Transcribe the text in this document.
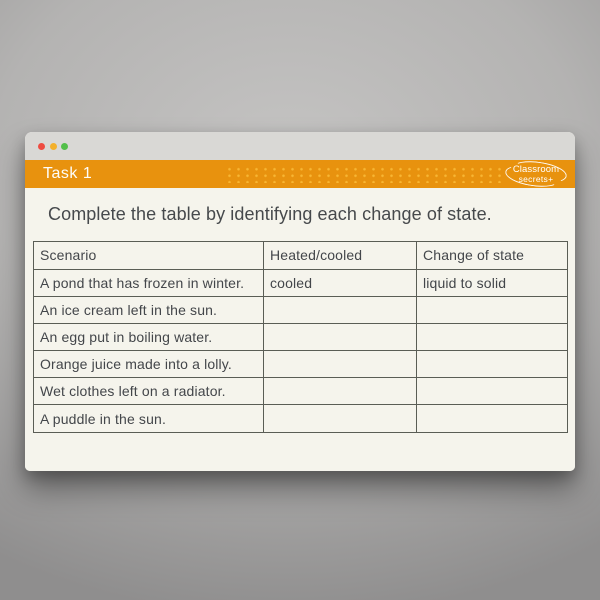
Task 1	Classroom
secrets+
Complete the table by identifying each change of state.
Scenario	Heated/cooled	Change of state
A pond that has frozen in winter.	cooled	liquid to solid
An ice cream left in the sun.		
An egg put in boiling water.		
Orange juice made into a lolly.		
Wet clothes left on a radiator.		
A puddle in the sun.		
